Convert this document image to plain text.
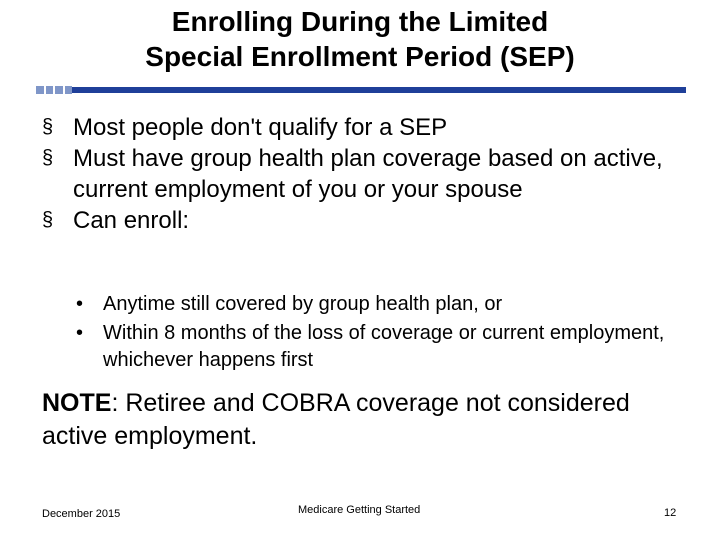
Enrolling During the Limited
Special Enrollment Period (SEP)
§ Most people don't qualify for a SEP
§ Must have group health plan coverage based on active, current employment of you or your spouse
§ Can enroll:
• Anytime still covered by group health plan, or
• Within 8 months of the loss of coverage or current employment, whichever happens first
NOTE: Retiree and COBRA coverage not considered active employment.
December 2015	Medicare Getting Started	12
